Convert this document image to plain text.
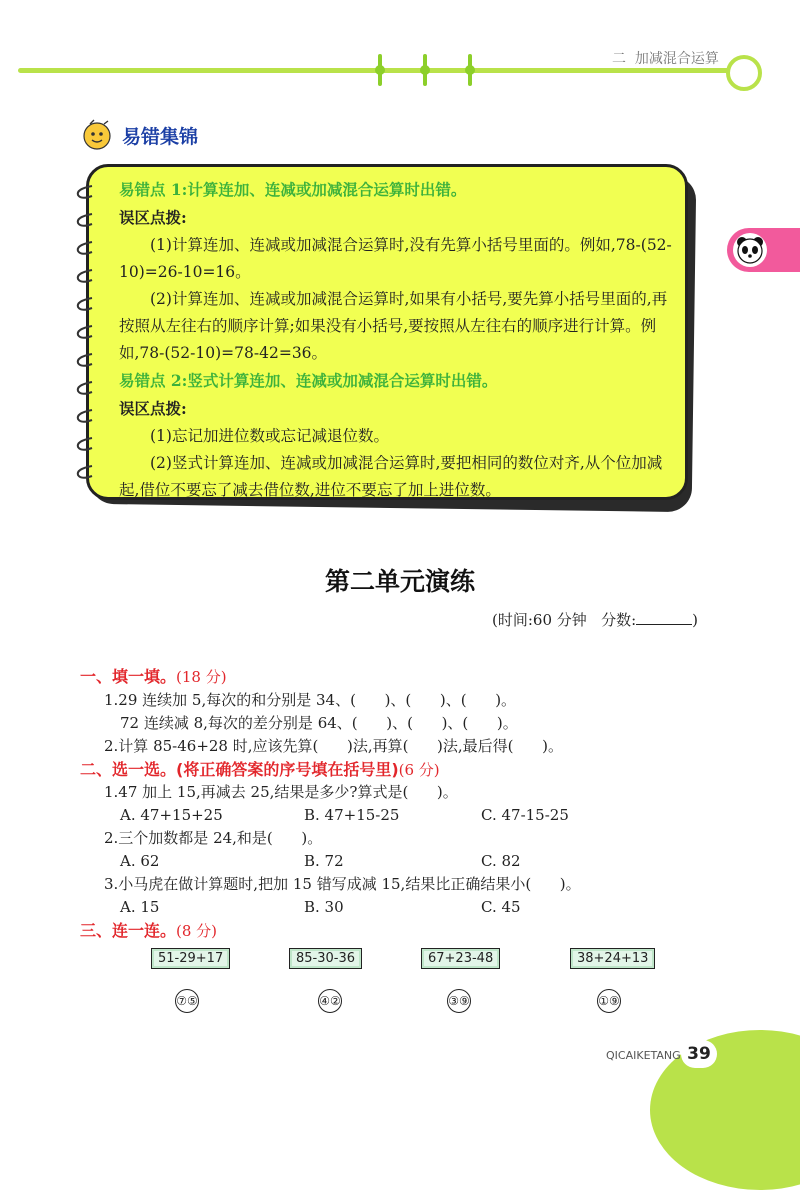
二  加减混合运算
易错集锦

易错点 1:计算连加、连减或加减混合运算时出错。

误区点拨:

(1)计算连加、连减或加减混合运算时,没有先算小括号里面的。例如,78-(52-10)=26-10=16。

(2)计算连加、连减或加减混合运算时,如果有小括号,要先算小括号里面的,再按照从左往右的顺序计算;如果没有小括号,要按照从左往右的顺序进行计算。例如,78-(52-10)=78-42=36。

易错点 2:竖式计算连加、连减或加减混合运算时出错。

误区点拨:

(1)忘记加进位数或忘记减退位数。

(2)竖式计算连加、连减或加减混合运算时,要把相同的数位对齐,从个位加减起,借位不要忘了减去借位数,进位不要忘了加上进位数。

第二单元演练
(时间:60 分钟   分数:	)
一、填一填。(18 分)
1.29 连续加 5,每次的和分别是 34、(      )、(      )、(      )。
72 连续减 8,每次的差分别是 64、(      )、(      )、(      )。
2.计算 85-46+28 时,应该先算(      )法,再算(      )法,最后得(      )。
二、选一选。(将正确答案的序号填在括号里)(6 分)
1.47 加上 15,再减去 25,结果是多少?算式是(      )。
A. 47+15+25	B. 47+15-25	C. 47-15-25
2.三个加数都是 24,和是(      )。
A. 62	B. 72	C. 82
3.小马虎在做计算题时,把加 15 错写成减 15,结果比正确结果小(      )。
A. 15	B. 30	C. 45
三、连一连。(8 分)
51-29+17	85-30-36	67+23-48	38+24+13
⑦⑤	④②	③⑨	①⑨
QICAIKETANG 39
